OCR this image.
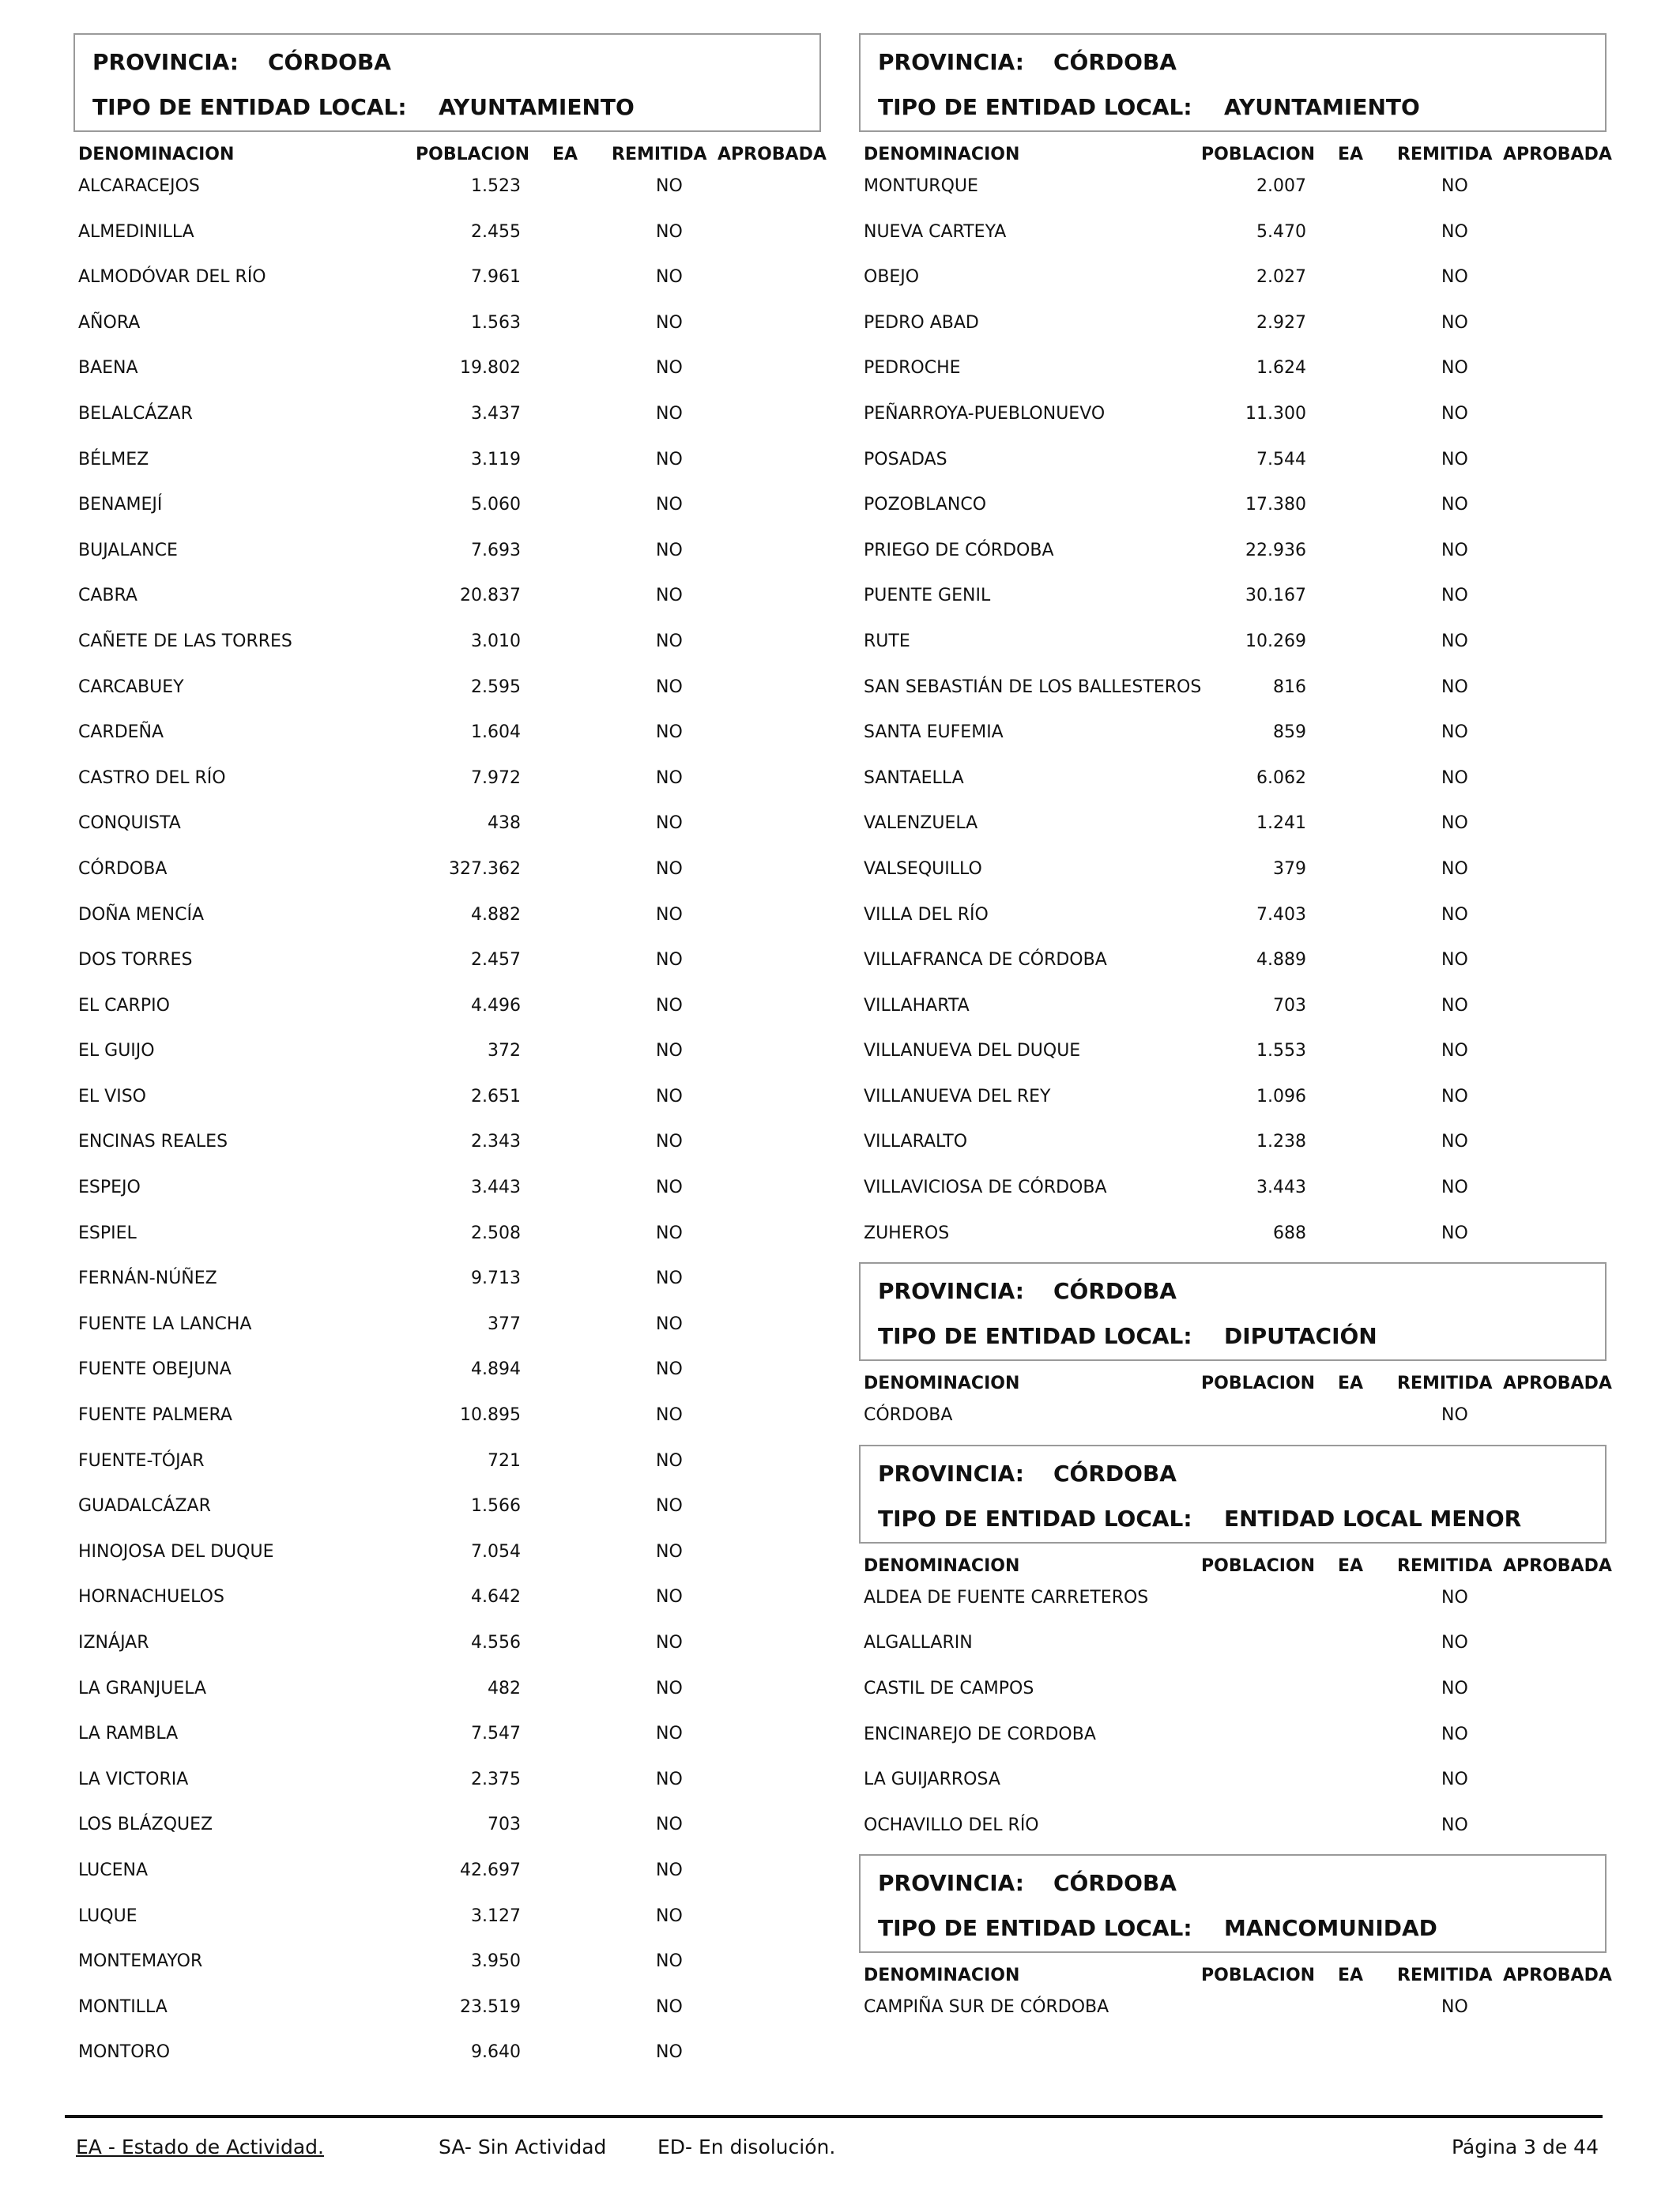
PROVINCIA: CÓRDOBA
TIPO DE ENTIDAD LOCAL: AYUNTAMIENTO
DENOMINACION	POBLACION EA REMITIDA APROBADA
ALCARACEJOS	1.523	NO
ALMEDINILLA	2.455	NO
ALMODÓVAR DEL RÍO	7.961	NO
AÑORA	1.563	NO
BAENA	19.802	NO
BELALCÁZAR	3.437	NO
BÉLMEZ	3.119	NO
BENAMEJÍ	5.060	NO
BUJALANCE	7.693	NO
CABRA	20.837	NO
CAÑETE DE LAS TORRES	3.010	NO
CARCABUEY	2.595	NO
CARDEÑA	1.604	NO
CASTRO DEL RÍO	7.972	NO
CONQUISTA	438	NO
CÓRDOBA	327.362	NO
DOÑA MENCÍA	4.882	NO
DOS TORRES	2.457	NO
EL CARPIO	4.496	NO
EL GUIJO	372	NO
EL VISO	2.651	NO
ENCINAS REALES	2.343	NO
ESPEJO	3.443	NO
ESPIEL	2.508	NO
FERNÁN-NÚÑEZ	9.713	NO
FUENTE LA LANCHA	377	NO
FUENTE OBEJUNA	4.894	NO
FUENTE PALMERA	10.895	NO
FUENTE-TÓJAR	721	NO
GUADALCÁZAR	1.566	NO
HINOJOSA DEL DUQUE	7.054	NO
HORNACHUELOS	4.642	NO
IZNÁJAR	4.556	NO
LA GRANJUELA	482	NO
LA RAMBLA	7.547	NO
LA VICTORIA	2.375	NO
LOS BLÁZQUEZ	703	NO
LUCENA	42.697	NO
LUQUE	3.127	NO
MONTEMAYOR	3.950	NO
MONTILLA	23.519	NO
MONTORO	9.640	NO
PROVINCIA: CÓRDOBA
TIPO DE ENTIDAD LOCAL: AYUNTAMIENTO
DENOMINACION	POBLACION EA REMITIDA APROBADA
MONTURQUE	2.007	NO
NUEVA CARTEYA	5.470	NO
OBEJO	2.027	NO
PEDRO ABAD	2.927	NO
PEDROCHE	1.624	NO
PEÑARROYA-PUEBLONUEVO	11.300	NO
POSADAS	7.544	NO
POZOBLANCO	17.380	NO
PRIEGO DE CÓRDOBA	22.936	NO
PUENTE GENIL	30.167	NO
RUTE	10.269	NO
SAN SEBASTIÁN DE LOS BALLESTEROS	816	NO
SANTA EUFEMIA	859	NO
SANTAELLA	6.062	NO
VALENZUELA	1.241	NO
VALSEQUILLO	379	NO
VILLA DEL RÍO	7.403	NO
VILLAFRANCA DE CÓRDOBA	4.889	NO
VILLAHARTA	703	NO
VILLANUEVA DEL DUQUE	1.553	NO
VILLANUEVA DEL REY	1.096	NO
VILLARALTO	1.238	NO
VILLAVICIOSA DE CÓRDOBA	3.443	NO
ZUHEROS	688	NO
PROVINCIA: CÓRDOBA
TIPO DE ENTIDAD LOCAL: DIPUTACIÓN
DENOMINACION	POBLACION EA REMITIDA APROBADA
CÓRDOBA	NO
PROVINCIA: CÓRDOBA
TIPO DE ENTIDAD LOCAL: ENTIDAD LOCAL MENOR
DENOMINACION	POBLACION EA REMITIDA APROBADA
ALDEA DE FUENTE CARRETEROS	NO
ALGALLARIN	NO
CASTIL DE CAMPOS	NO
ENCINAREJO DE CORDOBA	NO
LA GUIJARROSA	NO
OCHAVILLO DEL RÍO	NO
PROVINCIA: CÓRDOBA
TIPO DE ENTIDAD LOCAL: MANCOMUNIDAD
DENOMINACION	POBLACION EA REMITIDA APROBADA
CAMPIÑA SUR DE CÓRDOBA	NO
EA - Estado de Actividad.	SA- Sin Actividad	ED- En disolución.	Página 3 de 44
